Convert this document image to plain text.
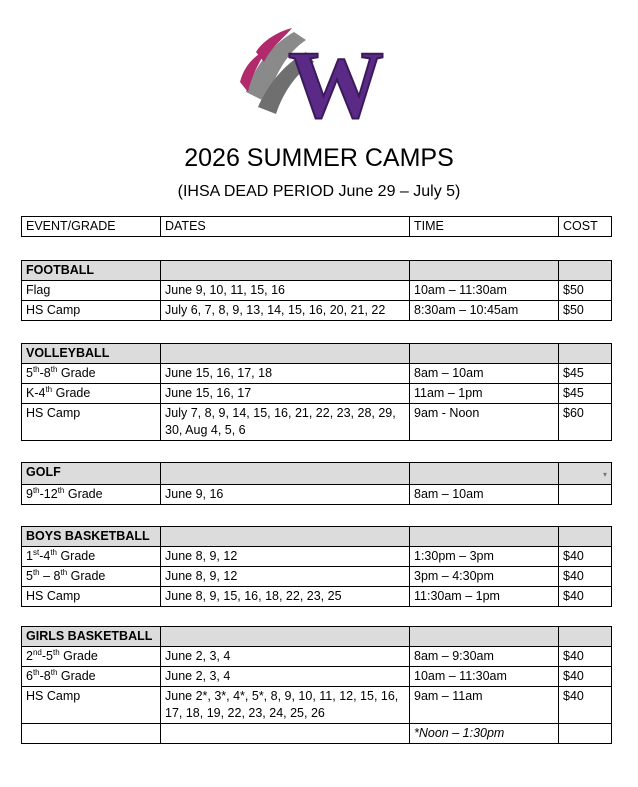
W
2026 SUMMER CAMPS
(IHSA DEAD PERIOD June 29 – July 5)
EVENT/GRADE	DATES	TIME	COST
FOOTBALL			
Flag	June 9, 10, 11, 15, 16	10am – 11:30am	$50
HS Camp	July 6, 7, 8, 9, 13, 14, 15, 16, 20, 21, 22	8:30am – 10:45am	$50
VOLLEYBALL			
5th-8th Grade	June 15, 16, 17, 18	8am – 10am	$45
K-4th Grade	June 15, 16, 17	11am – 1pm	$45
HS Camp	July 7, 8, 9, 14, 15, 16, 21, 22, 23, 28, 29, 30, Aug 4, 5, 6	9am - Noon	$60
GOLF			▾

9th-12th Grade	June 9, 16	8am – 10am	
BOYS BASKETBALL			
1st-4th Grade	June 8, 9, 12	1:30pm – 3pm	$40
5th – 8th Grade	June 8, 9, 12	3pm – 4:30pm	$40
HS Camp	June 8, 9, 15, 16, 18, 22, 23, 25	11:30am – 1pm	$40
GIRLS BASKETBALL			
2nd-5th Grade	June 2, 3, 4	8am – 9:30am	$40
6th-8th Grade	June 2, 3, 4	10am – 11:30am	$40
HS Camp	June 2*, 3*, 4*, 5*, 8, 9, 10, 11, 12, 15, 16, 17, 18, 19, 22, 23, 24, 25, 26	9am – 11am	$40
		*Noon – 1:30pm	
